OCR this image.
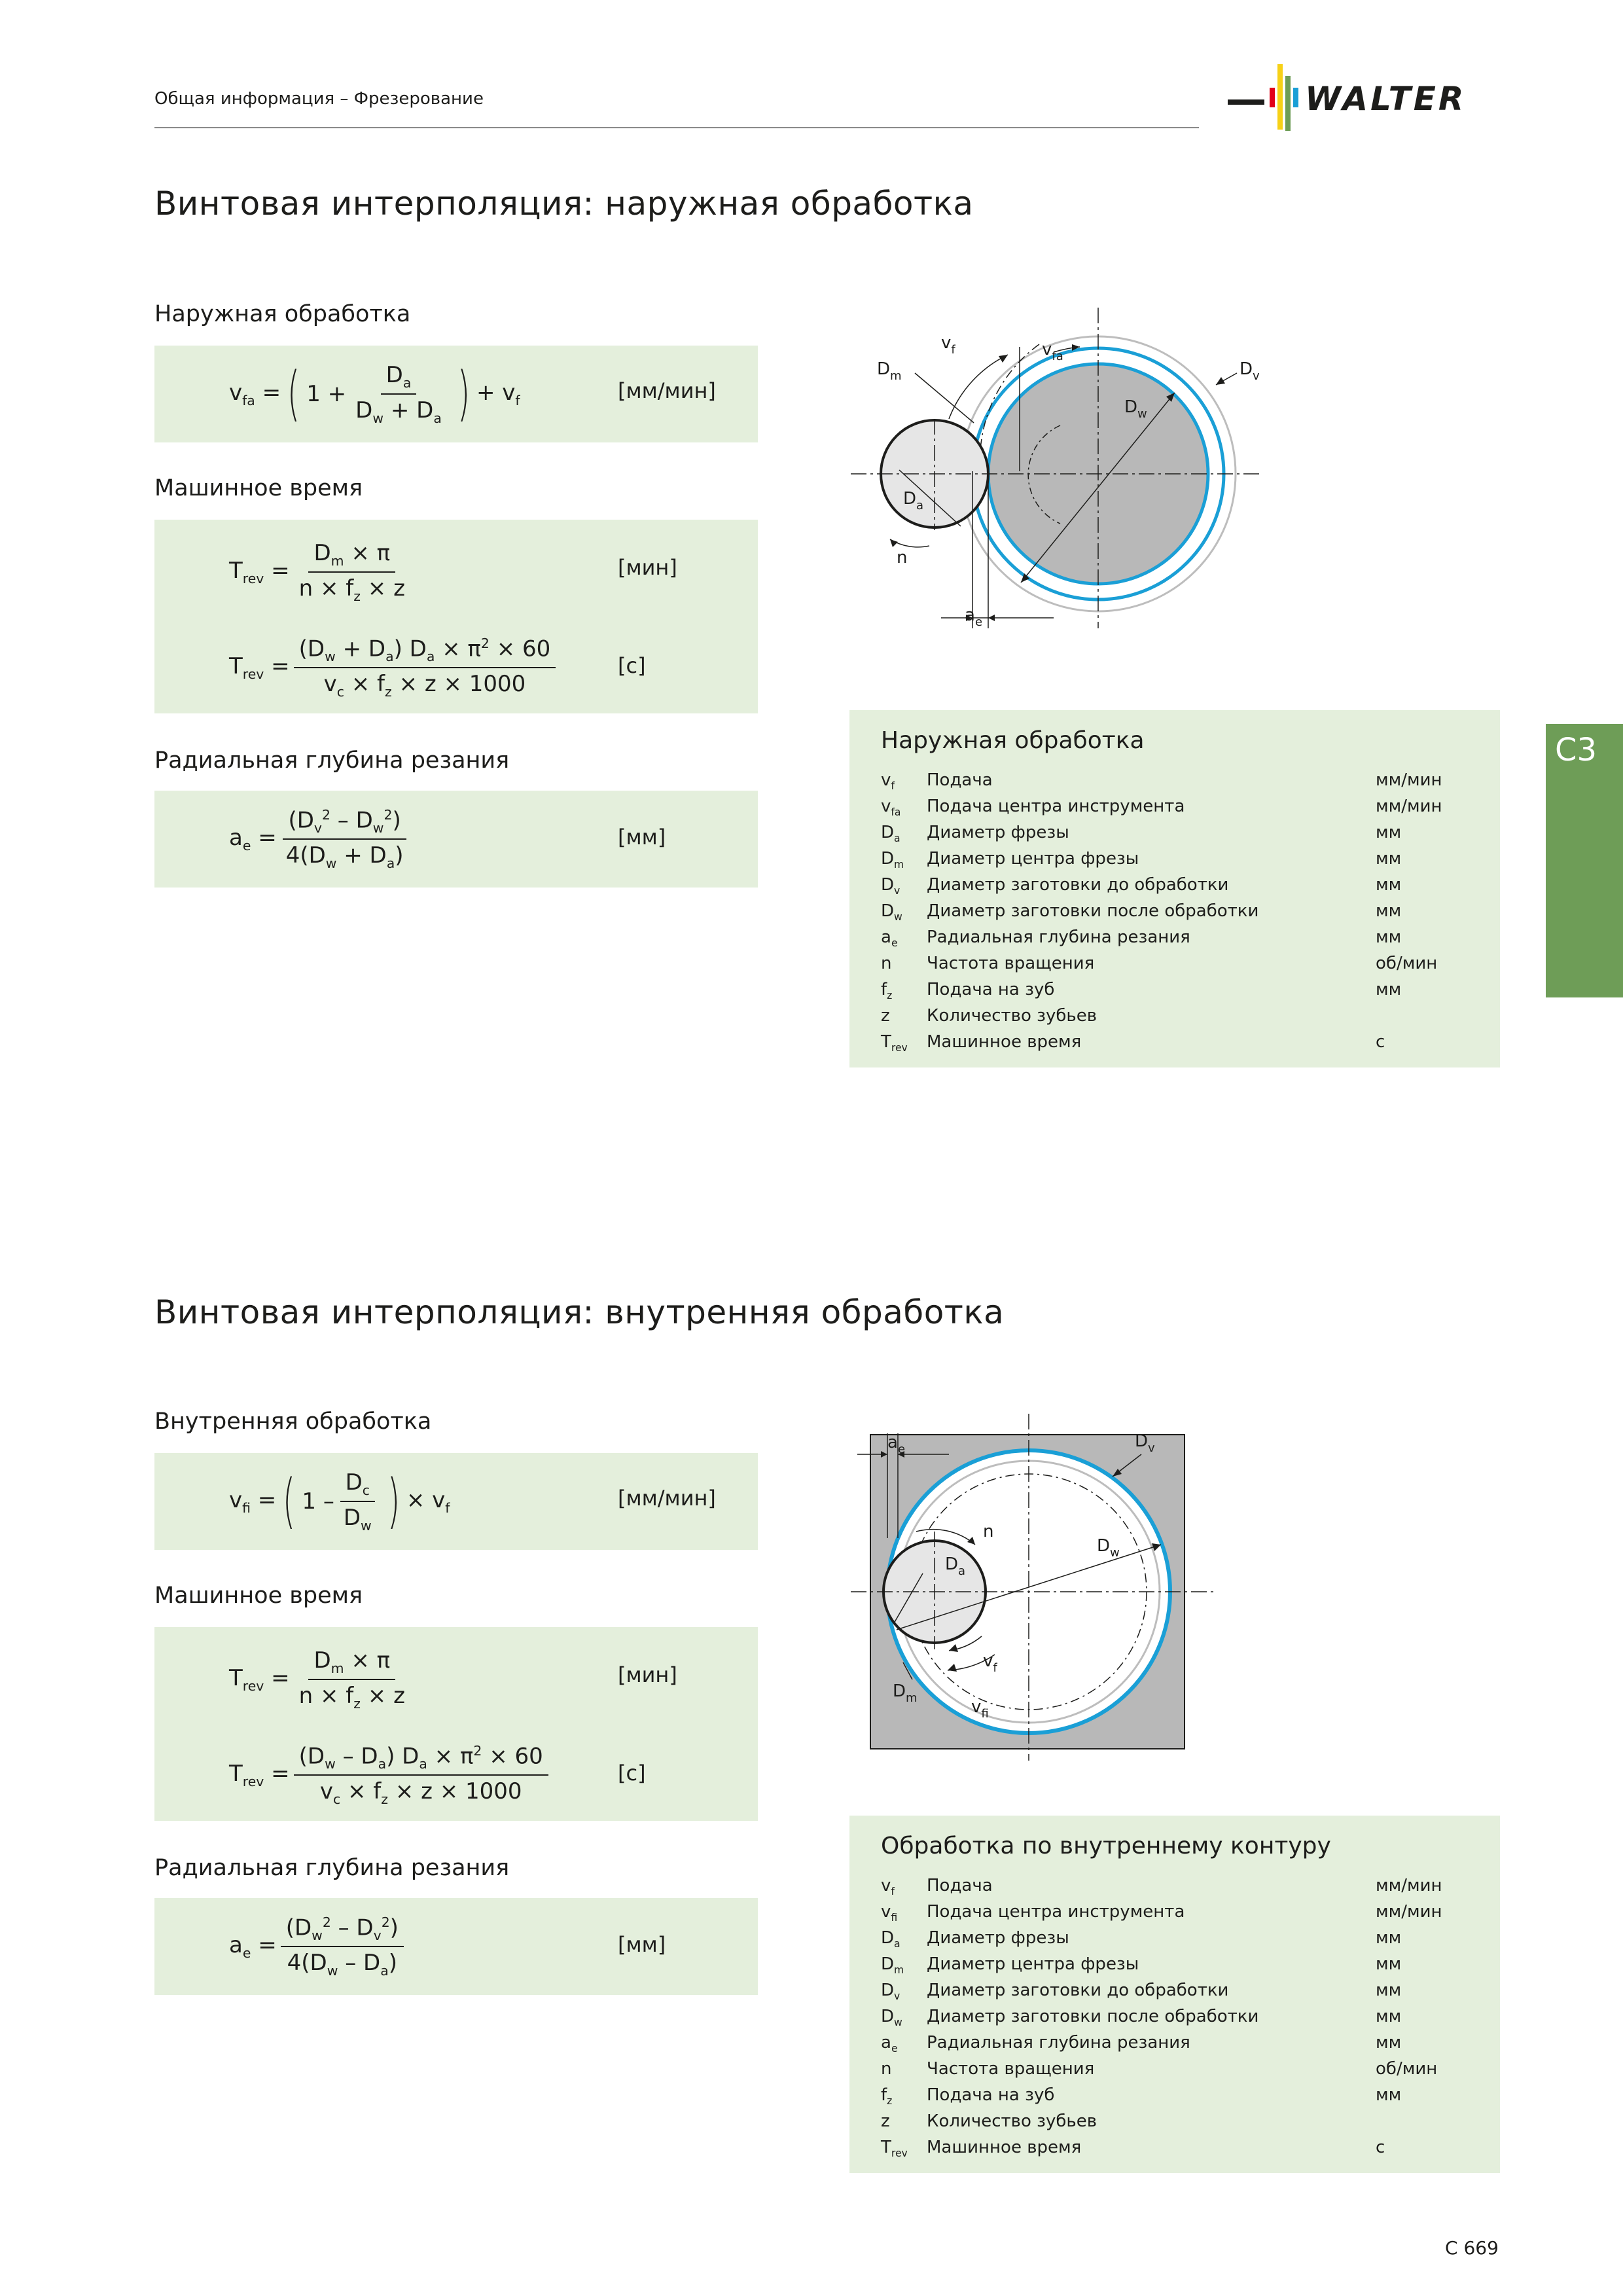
Общая информация – Фрезерование	WALTER
Винтовая интерполяция: наружная обработка
Наружная обработка
$v_{fa}$ = ( $1 + \frac{D_a}{D_w + D_a}$ ) + $v_f$	[мм/мин]
Машинное время
$T_{rev} = \frac{D_m \times \pi}{n \times f_z \times z}$	[мин]
$T_{rev} = \frac{(D_w + D_a) D_a \times \pi^2 \times 60}{v_c \times f_z \times z \times 1000}$	[с]
Радиальная глубина резания
$a_e = \frac{(D_v^2 - D_w^2)}{4(D_w + D_a)}$	[мм]
$v_f$	$v_{fa}$
$D_m$	$D_v$
$D_w$
$D_a$
n
$a_e$
Наружная обработка
$v_f$ Подача	мм/мин
$v_{fa}$ Подача центра инструмента	мм/мин
$D_a$ Диаметр фрезы	мм
$D_m$ Диаметр центра фрезы	мм
$D_v$ Диаметр заготовки до обработки	мм
$D_w$ Диаметр заготовки после обработки	мм
$a_e$ Радиальная глубина резания	мм
n Частота вращения	об/мин
$f_z$ Подача на зуб	мм
z Количество зубьев
$T_{rev}$ Машинное время	с
Винтовая интерполяция: внутренняя обработка
Внутренняя обработка
$v_{fi}$ = ( $1 - \frac{D_c}{D_w}$ ) × $v_f$	[мм/мин]
Машинное время
$T_{rev} = \frac{D_m \times \pi}{n \times f_z \times z}$	[мин]
$T_{rev} = \frac{(D_w - D_a) D_a \times \pi^2 \times 60}{v_c \times f_z \times z \times 1000}$	[с]
Радиальная глубина резания
$a_e = \frac{(D_w^2 - D_v^2)}{4(D_w - D_a)}$	[мм]
$a_e$	$D_v$
$D_w$
n
$D_a$
$v_f$
$D_m$	$v_{fi}$
Обработка по внутреннему контуру
$v_f$ Подача	мм/мин
$v_{fi}$ Подача центра инструмента	мм/мин
$D_a$ Диаметр фрезы	мм
$D_m$ Диаметр центра фрезы	мм
$D_v$ Диаметр заготовки до обработки	мм
$D_w$ Диаметр заготовки после обработки	мм
$a_e$ Радиальная глубина резания	мм
n Частота вращения	об/мин
$f_z$ Подача на зуб	мм
z Количество зубьев
$T_{rev}$ Машинное время	с
C3
C 669
